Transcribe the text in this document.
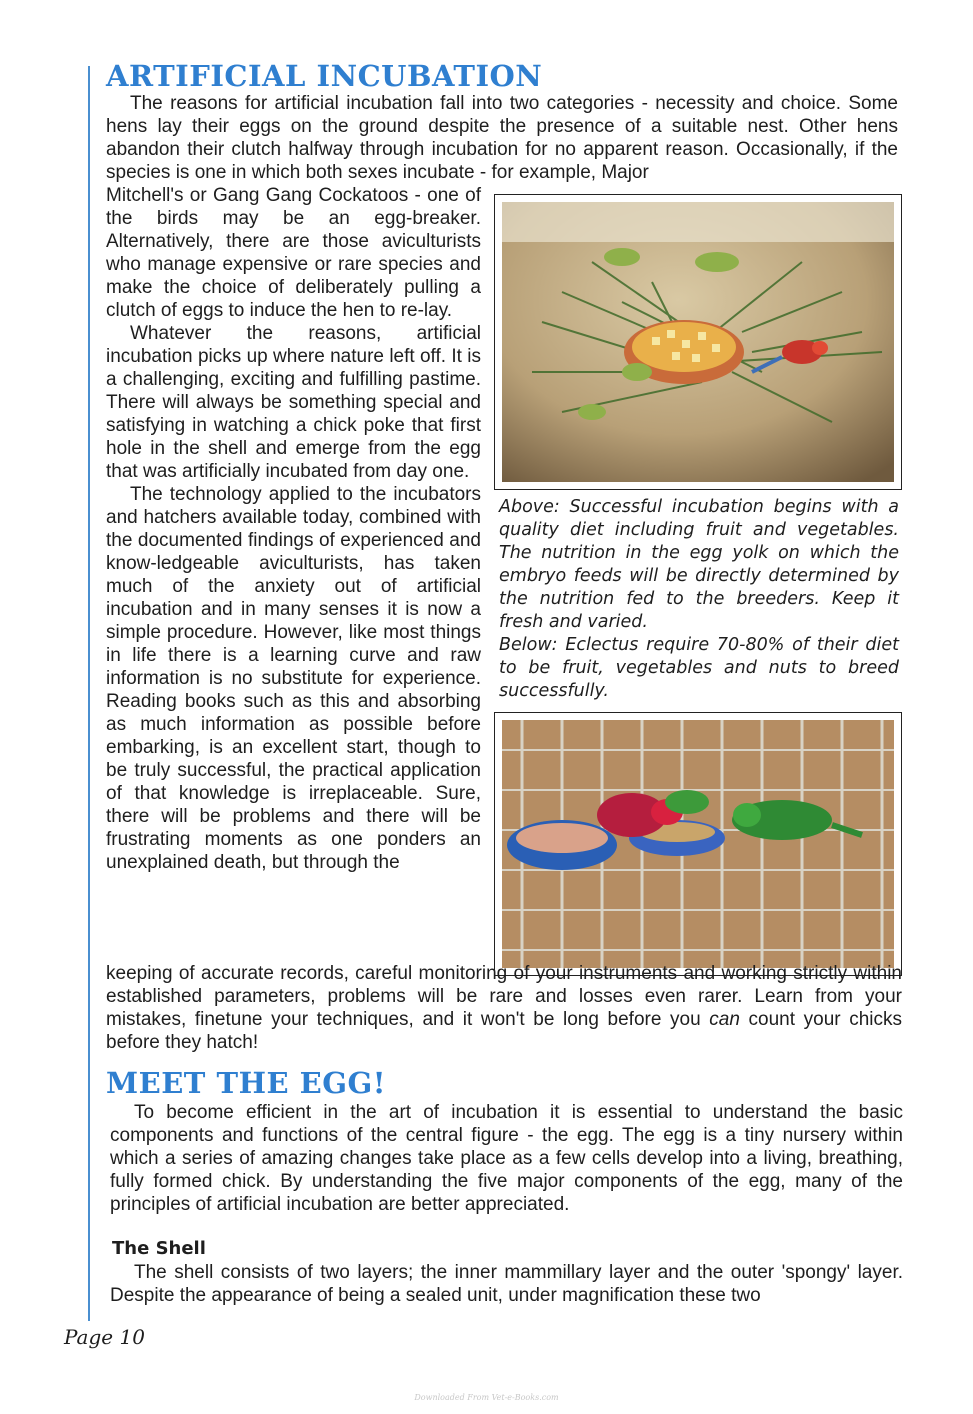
ARTIFICIAL INCUBATION

The reasons for artificial incubation fall into two categories - necessity and choice. Some hens lay their eggs on the ground despite the presence of a suitable nest. Other hens abandon their clutch halfway through incubation for no apparent reason. Occasionally, if the species is one in which both sexes incubate - for example, Major

Mitchell's or Gang Gang Cockatoos - one of the birds may be an egg-breaker. Alternatively, there are those aviculturists who manage expensive or rare species and make the choice of deliberately pulling a clutch of eggs to induce the hen to re-lay.

Whatever the reasons, artificial incubation picks up where nature left off. It is a challenging, exciting and fulfilling pastime. There will always be something special and satisfying in watching a chick poke that first hole in the shell and emerge from the egg that was artificially incubated from day one.

The technology applied to the incubators and hatchers available today, combined with the documented findings of experienced and know-ledgeable aviculturists, has taken much of the anxiety out of artificial incubation and in many senses it is now a simple procedure. However, like most things in life there is a learning curve and raw information is no substitute for experience. Reading books such as this and absorbing as much information as possible before embarking, is an excellent start, though to be truly successful, the practical application of that knowledge is irreplaceable. Sure, there will be problems and there will be frustrating moments as one ponders an unexplained death, but through the

Above: Successful incubation begins with a quality diet including fruit and vegetables. The nutrition in the egg yolk on which the embryo feeds will be directly determined by the nutrition fed to the breeders. Keep it fresh and varied.

Below: Eclectus require 70-80% of their diet to be fruit, vegetables and nuts to breed successfully.

keeping of accurate records, careful monitoring of your instruments and working strictly within established parameters, problems will be rare and losses even rarer. Learn from your mistakes, finetune your techniques, and it won't be long before you can count your chicks before they hatch!

MEET THE EGG!

To become efficient in the art of incubation it is essential to understand the basic components and functions of the central figure - the egg. The egg is a tiny nursery within which a series of amazing changes take place as a few cells develop into a living, breathing, fully formed chick. By understanding the five major components of the egg, many of the principles of artificial incubation are better appreciated.

The Shell

The shell consists of two layers; the inner mammillary layer and the outer 'spongy' layer. Despite the appearance of being a sealed unit, under magnification these two

Page 10
Downloaded From Vet-e-Books.com
